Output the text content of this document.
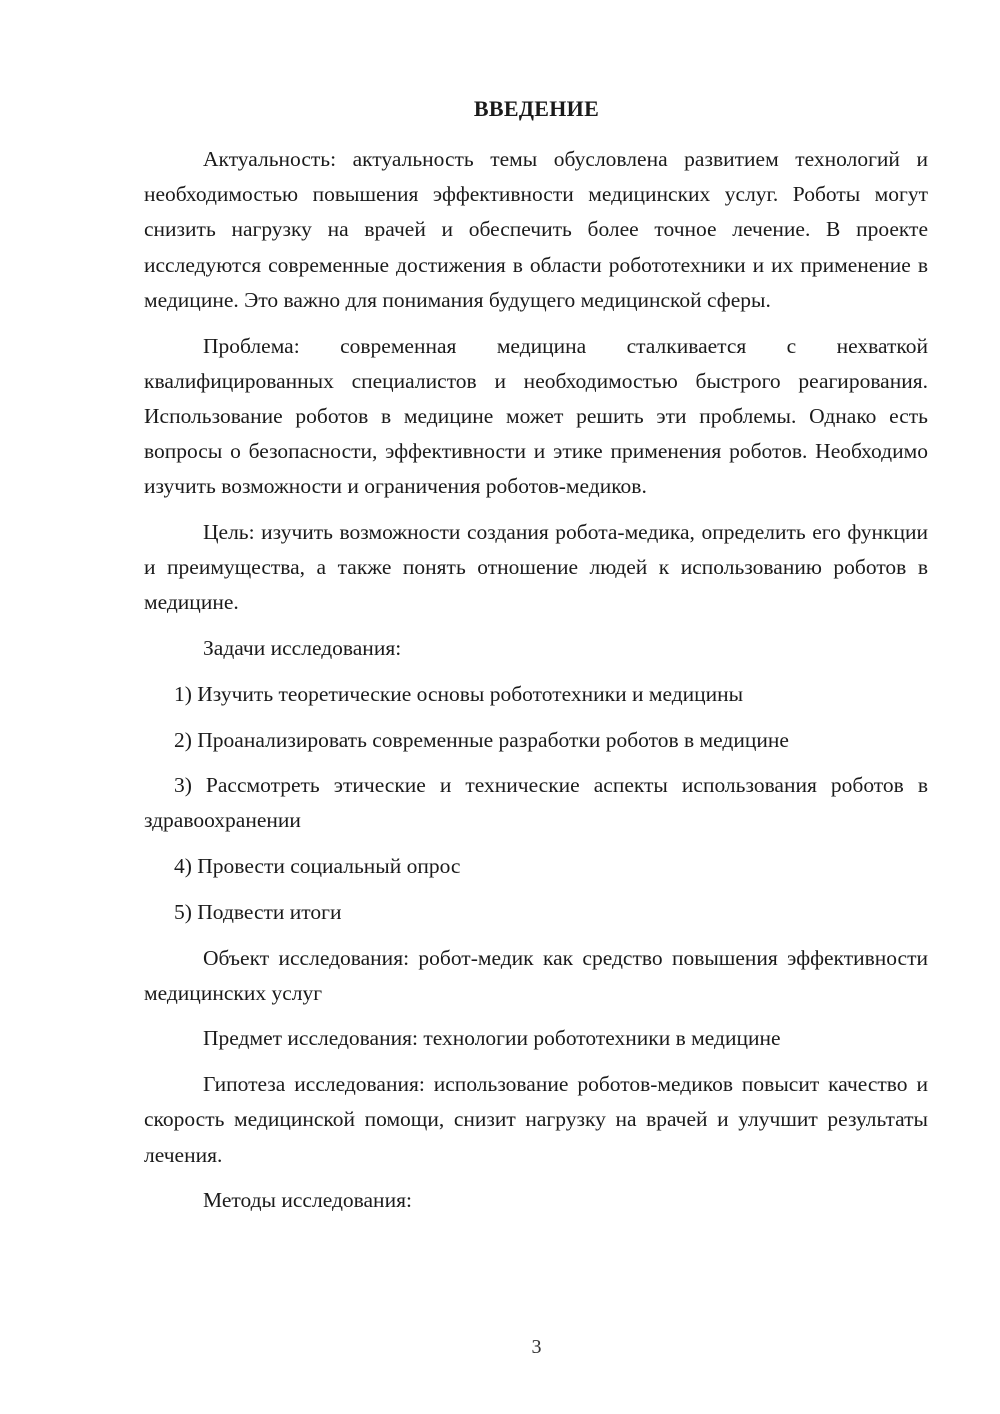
ВВЕДЕНИЕ

Актуальность: актуальность темы обусловлена развитием технологий и необходимостью повышения эффективности медицинских услуг. Роботы могут снизить нагрузку на врачей и обеспечить более точное лечение. В проекте исследуются современные достижения в области робототехники и их применение в медицине. Это важно для понимания будущего медицинской сферы.

Проблема: современная медицина сталкивается с нехваткой квалифицированных специалистов и необходимостью быстрого реагирования. Использование роботов в медицине может решить эти проблемы. Однако есть вопросы о безопасности, эффективности и этике применения роботов. Необходимо изучить возможности и ограничения роботов-медиков.

Цель: изучить возможности создания робота-медика, определить его функции и преимущества, а также понять отношение людей к использованию роботов в медицине.

Задачи исследования:

1) Изучить теоретические основы робототехники и медицины

2) Проанализировать современные разработки роботов в медицине

3) Рассмотреть этические и технические аспекты использования роботов в здравоохранении

4) Провести социальный опрос

5) Подвести итоги

Объект исследования: робот-медик как средство повышения эффективности медицинских услуг

Предмет исследования: технологии робототехники в медицине

Гипотеза исследования: использование роботов-медиков повысит качество и скорость медицинской помощи, снизит нагрузку на врачей и улучшит результаты лечения.

Методы исследования:

3
